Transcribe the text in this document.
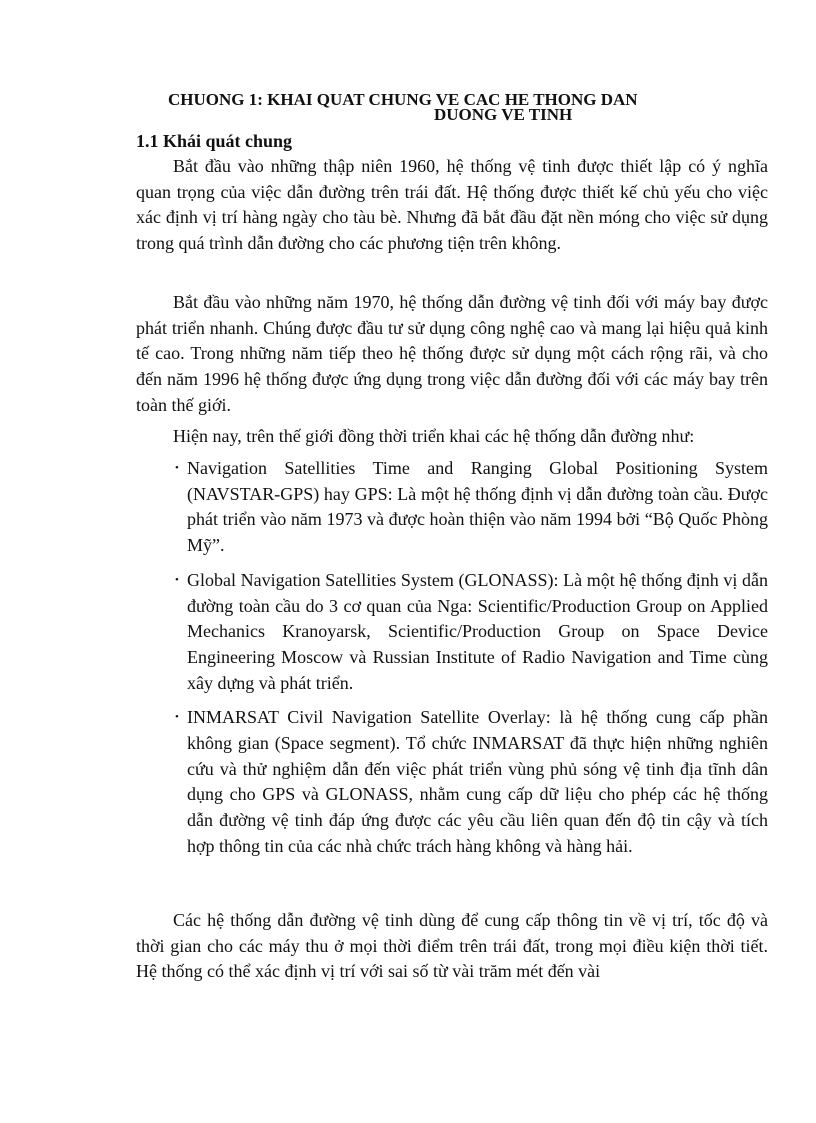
CHUONG 1: KHAI QUAT CHUNG VE CAC HE THONG DAN
DUONG VE TINH
1.1 Khái quát chung

Bắt đầu vào những thập niên 1960, hệ thống vệ tinh được thiết lập có ý nghĩa quan trọng của việc dẫn đường trên trái đất. Hệ thống được thiết kế chủ yếu cho việc xác định vị trí hàng ngày cho tàu bè. Nhưng đã bắt đầu đặt nền móng cho việc sử dụng trong quá trình dẫn đường cho các phương tiện trên không.

Bắt đầu vào những năm 1970, hệ thống dẫn đường vệ tinh đối với máy bay được phát triển nhanh. Chúng được đầu tư sử dụng công nghệ cao và mang lại hiệu quả kinh tế cao. Trong những năm tiếp theo hệ thống được sử dụng một cách rộng rãi, và cho đến năm 1996 hệ thống được ứng dụng trong việc dẫn đường đối với các máy bay trên toàn thế giới.

Hiện nay, trên thế giới đồng thời triển khai các hệ thống dẫn đường như:

• Navigation Satellities Time and Ranging Global Positioning System (NAVSTAR-GPS) hay GPS: Là một hệ thống định vị dẫn đường toàn cầu. Được phát triển vào năm 1973 và được hoàn thiện vào năm 1994 bởi “Bộ Quốc Phòng Mỹ”.
• Global Navigation Satellities System (GLONASS): Là một hệ thống định vị dẫn đường toàn cầu do 3 cơ quan của Nga: Scientific/Production Group on Applied Mechanics Kranoyarsk, Scientific/Production Group on Space Device Engineering Moscow và Russian Institute of Radio Navigation and Time cùng xây dựng và phát triển.
• INMARSAT Civil Navigation Satellite Overlay: là hệ thống cung cấp phần không gian (Space segment). Tổ chức INMARSAT đã thực hiện những nghiên cứu và thử nghiệm dẫn đến việc phát triển vùng phủ sóng vệ tinh địa tĩnh dân dụng cho GPS và GLONASS, nhằm cung cấp dữ liệu cho phép các hệ thống dẫn đường vệ tinh đáp ứng được các yêu cầu liên quan đến độ tin cậy và tích hợp thông tin của các nhà chức trách hàng không và hàng hải.

Các hệ thống dẫn đường vệ tinh dùng để cung cấp thông tin về vị trí, tốc độ và thời gian cho các máy thu ở mọi thời điểm trên trái đất, trong mọi điều kiện thời tiết. Hệ thống có thể xác định vị trí với sai số từ vài trăm mét đến vài
